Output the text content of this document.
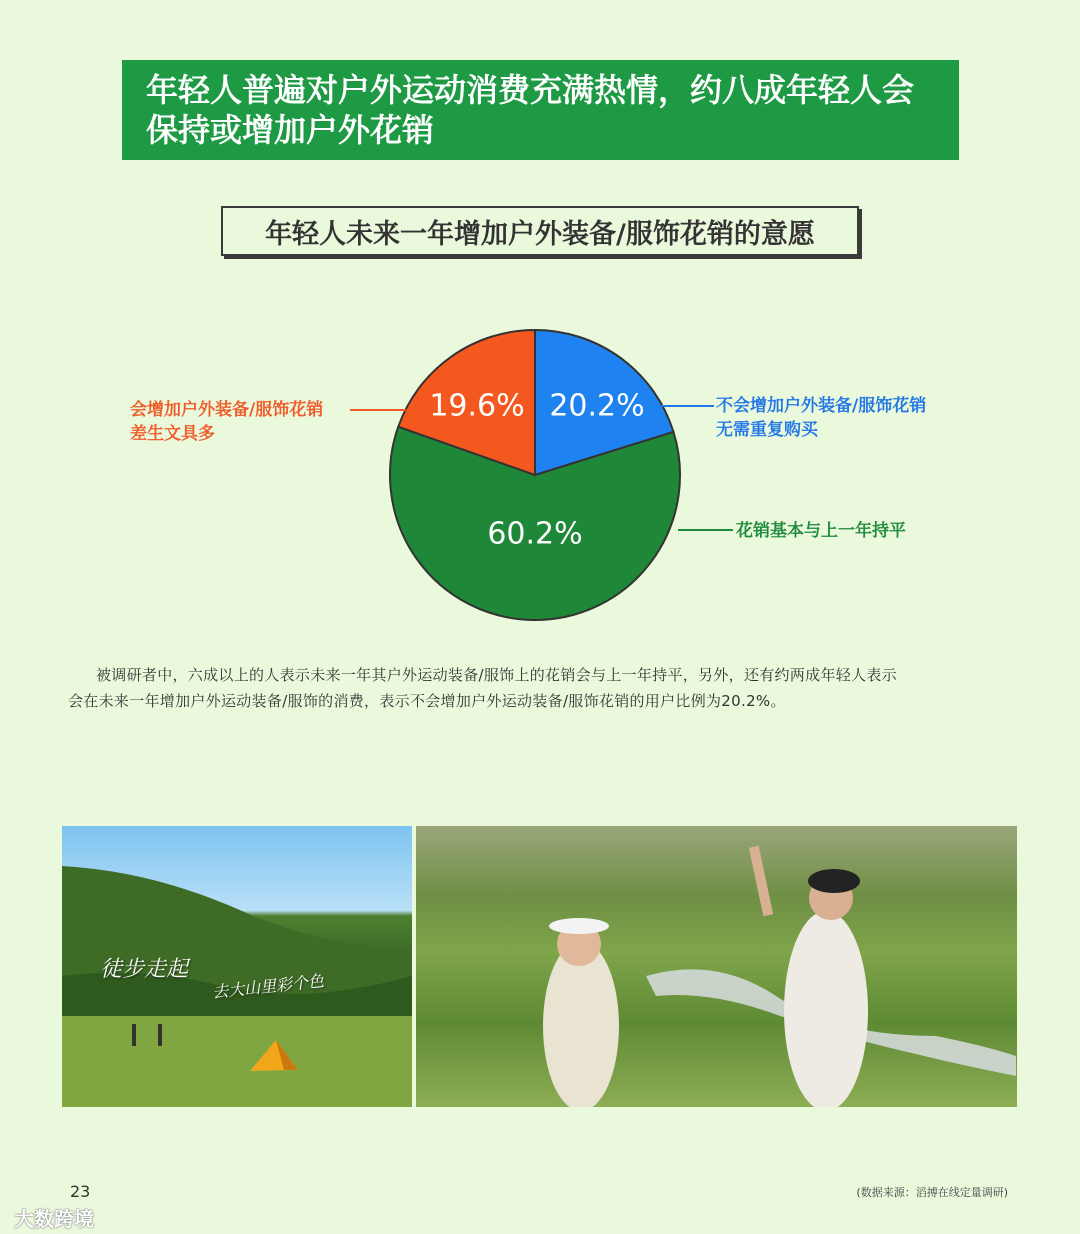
年轻人普遍对户外运动消费充满热情，约八成年轻人会
保持或增加户外花销
年轻人未来一年增加户外装备/服饰花销的意愿
20.2%
60.2%
19.6%
会增加户外装备/服饰花销
差生文具多
不会增加户外装备/服饰花销
无需重复购买
花销基本与上一年持平
被调研者中，六成以上的人表示未来一年其户外运动装备/服饰上的花销会与上一年持平，另外，还有约两成年轻人表示
会在未来一年增加户外运动装备/服饰的消费，表示不会增加户外运动装备/服饰花销的用户比例为20.2%。
徒步走起
去大山里彩个色
23
大数跨境
(数据来源：滔搏在线定量调研)
